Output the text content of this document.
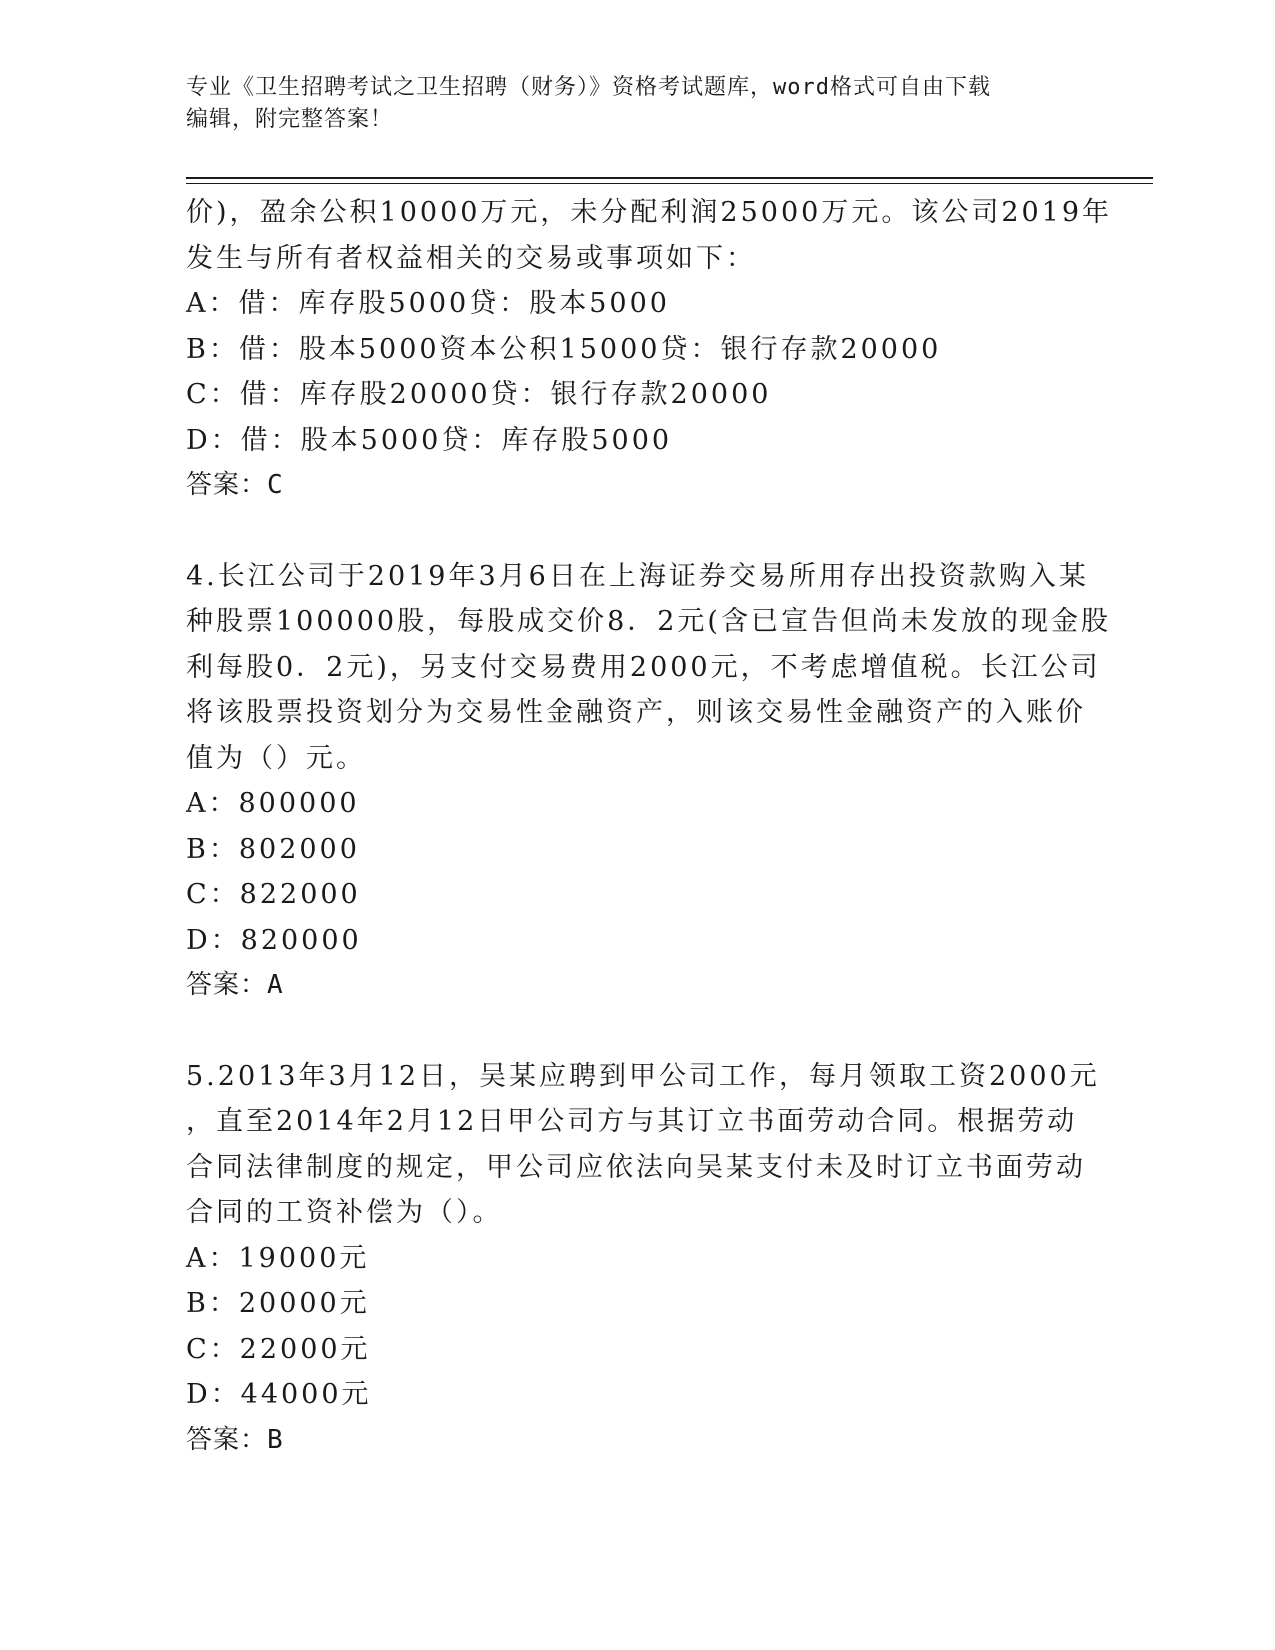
专业《卫生招聘考试之卫生招聘（财务）》资格考试题库，word格式可自由下载
编辑，附完整答案！
价)，盈余公积10000万元，未分配利润25000万元。该公司2019年
发生与所有者权益相关的交易或事项如下：
A：借：库存股5000贷：股本5000
B：借：股本5000资本公积15000贷：银行存款20000
C：借：库存股20000贷：银行存款20000
D：借：股本5000贷：库存股5000
答案：C
4.长江公司于2019年3月6日在上海证券交易所用存出投资款购入某
种股票100000股，每股成交价8．2元(含已宣告但尚未发放的现金股
利每股0．2元)，另支付交易费用2000元，不考虑增值税。长江公司
将该股票投资划分为交易性金融资产，则该交易性金融资产的入账价
值为（）元。
A：800000
B：802000
C：822000
D：820000
答案：A
5.2013年3月12日，吴某应聘到甲公司工作，每月领取工资2000元
，直至2014年2月12日甲公司方与其订立书面劳动合同。根据劳动
合同法律制度的规定，甲公司应依法向吴某支付未及时订立书面劳动
合同的工资补偿为（）。
A：19000元
B：20000元
C：22000元
D：44000元
答案：B
